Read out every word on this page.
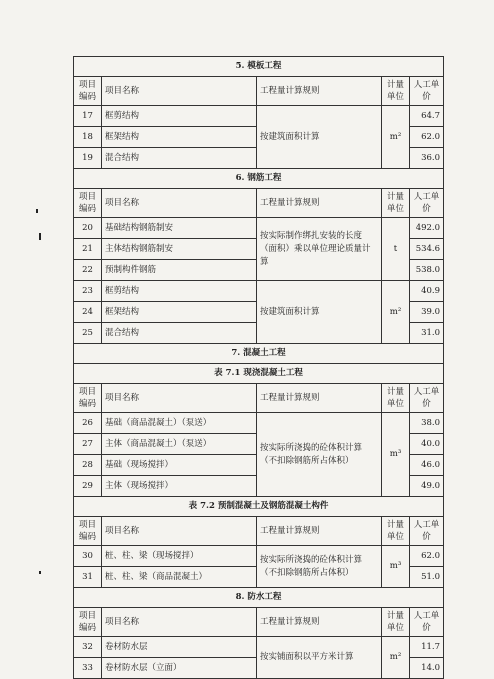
5. 模板工程				
项目编码	项目名称	工程量计算规则	计量单位	人工单价
17	框剪结构	按建筑面积计算	m²	64.7
18	框架结构			62.0
19	混合结构			36.0
6. 钢筋工程				
项目编码	项目名称	工程量计算规则	计量单位	人工单价
20	基础结构钢筋制安	按实际制作绑扎安装的长度（面积）乘以单位理论质量计算	t	492.0
21	主体结构钢筋制安			534.6
22	预制构件钢筋			538.0
23	框剪结构	按建筑面积计算	m²	40.9
24	框架结构			39.0
25	混合结构			31.0
7. 混凝土工程				
表 7.1 现浇混凝土工程				
项目编码	项目名称	工程量计算规则	计量单位	人工单价
26	基础（商品混凝土）（泵送）	按实际所浇捣的砼体积计算（不扣除钢筋所占体积）	m³	38.0
27	主体（商品混凝土）（泵送）			40.0
28	基础（现场搅拌）			46.0
29	主体（现场搅拌）			49.0
表 7.2 预制混凝土及钢筋混凝土构件				
项目编码	项目名称	工程量计算规则	计量单位	人工单价
30	桩、柱、梁（现场搅拌）	按实际所浇捣的砼体积计算（不扣除钢筋所占体积）	m³	62.0
31	桩、柱、梁（商品混凝土）			51.0
8. 防水工程				
项目编码	项目名称	工程量计算规则	计量单位	人工单价
32	卷材防水层	按实铺面积以平方米计算	m²	11.7
33	卷材防水层（立面）			14.0
